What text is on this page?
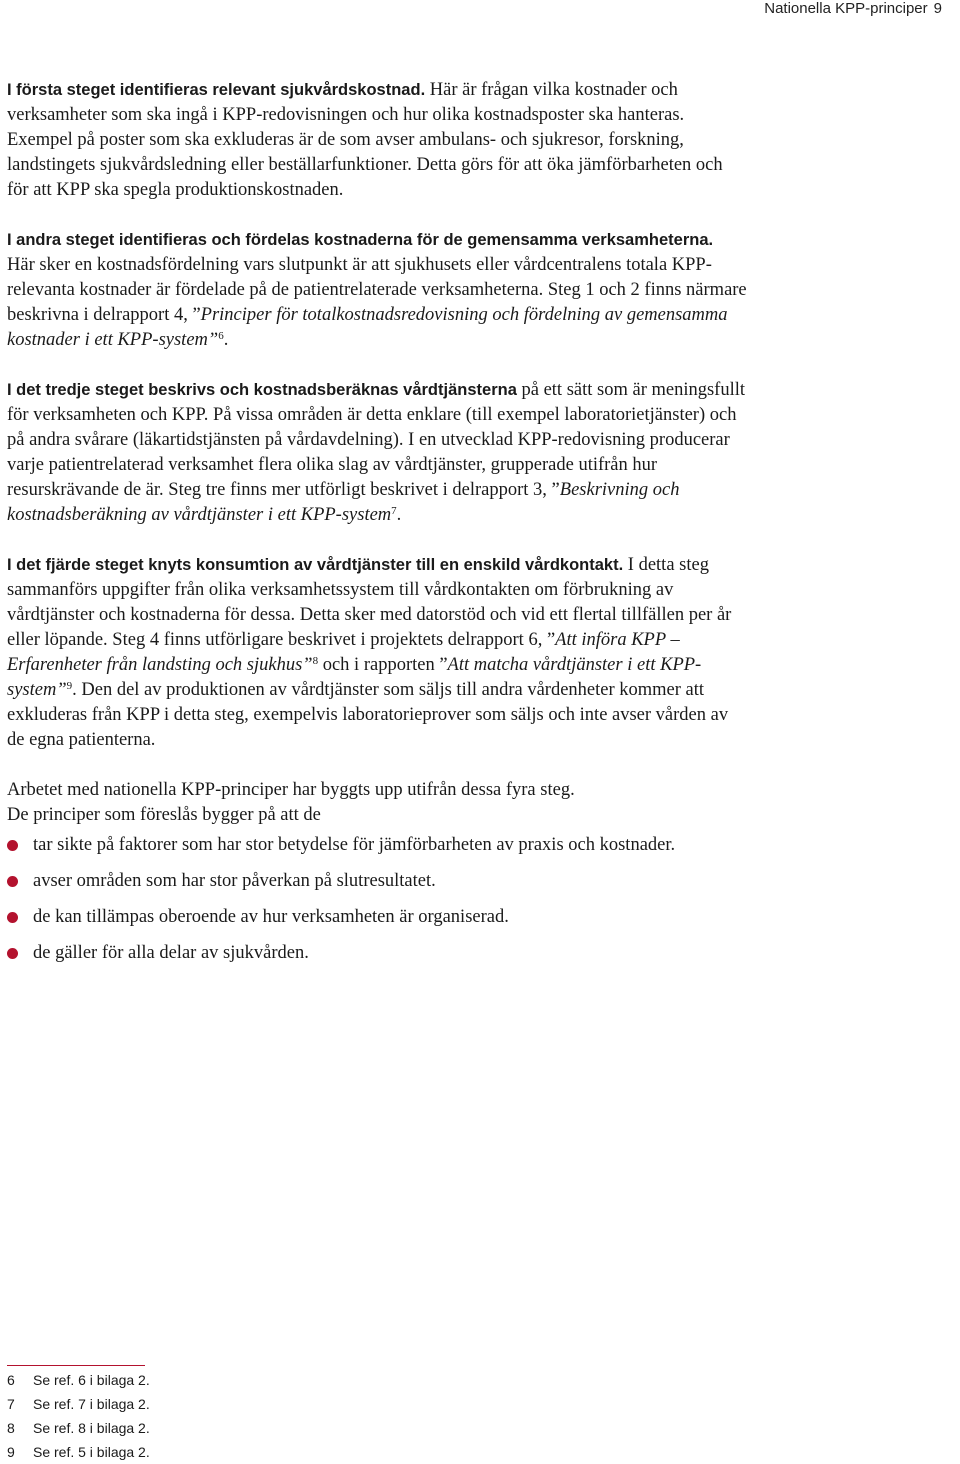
Nationella KPP-principer 9

I första steget identifieras relevant sjukvårdskostnad. Här är frågan vilka kostnader och verksamheter som ska ingå i KPP-redovisningen och hur olika kostnadsposter ska hanteras. Exempel på poster som ska exkluderas är de som avser ambulans- och sjukresor, forskning, landstingets sjukvårdsledning eller beställarfunktioner. Detta görs för att öka jämförbarheten och för att KPP ska spegla produktionskostnaden.

I andra steget identifieras och fördelas kostnaderna för de gemensamma verksamheterna.
Här sker en kostnadsfördelning vars slutpunkt är att sjukhusets eller vårdcentralens totala KPP-relevanta kostnader är fördelade på de patientrelaterade verksamheterna. Steg 1 och 2 finns närmare beskrivna i delrapport 4, ”Principer för totalkostnadsredovisning och fördelning av gemensamma kostnader i ett KPP-system”$^6$.

I det tredje steget beskrivs och kostnadsberäknas vårdtjänsterna på ett sätt som är meningsfullt för verksamheten och KPP. På vissa områden är detta enklare (till exempel laboratorietjänster) och på andra svårare (läkartidstjänsten på vårdavdelning). I en utvecklad KPP-redovisning producerar varje patientrelaterad verksamhet flera olika slag av vårdtjänster, grupperade utifrån hur resurskrävande de är. Steg tre finns mer utförligt beskrivet i delrapport 3, ”Beskrivning och kostnadsberäkning av vårdtjänster i ett KPP-system$^7$.

I det fjärde steget knyts konsumtion av vårdtjänster till en enskild vårdkontakt. I detta steg sammanförs uppgifter från olika verksamhetssystem till vårdkontakten om förbrukning av vårdtjänster och kostnaderna för dessa. Detta sker med datorstöd och vid ett flertal tillfällen per år eller löpande. Steg 4 finns utförligare beskrivet i projektets delrapport 6, ”Att införa KPP – Erfarenheter från landsting och sjukhus”$^8$ och i rapporten ”Att matcha vårdtjänster i ett KPP-system”$^9$. Den del av produktionen av vårdtjänster som säljs till andra vårdenheter kommer att exkluderas från KPP i detta steg, exempelvis laboratorieprover som säljs och inte avser vården av de egna patienterna.

Arbetet med nationella KPP-principer har byggts upp utifrån dessa fyra steg.
De principer som föreslås bygger på att de

tar sikte på faktorer som har stor betydelse för jämförbarheten av praxis och kostnader.
avser områden som har stor påverkan på slutresultatet.
de kan tillämpas oberoende av hur verksamheten är organiserad.
de gäller för alla delar av sjukvården.
6	Se ref. 6 i bilaga 2.
7	Se ref. 7 i bilaga 2.
8	Se ref. 8 i bilaga 2.
9	Se ref. 5 i bilaga 2.
